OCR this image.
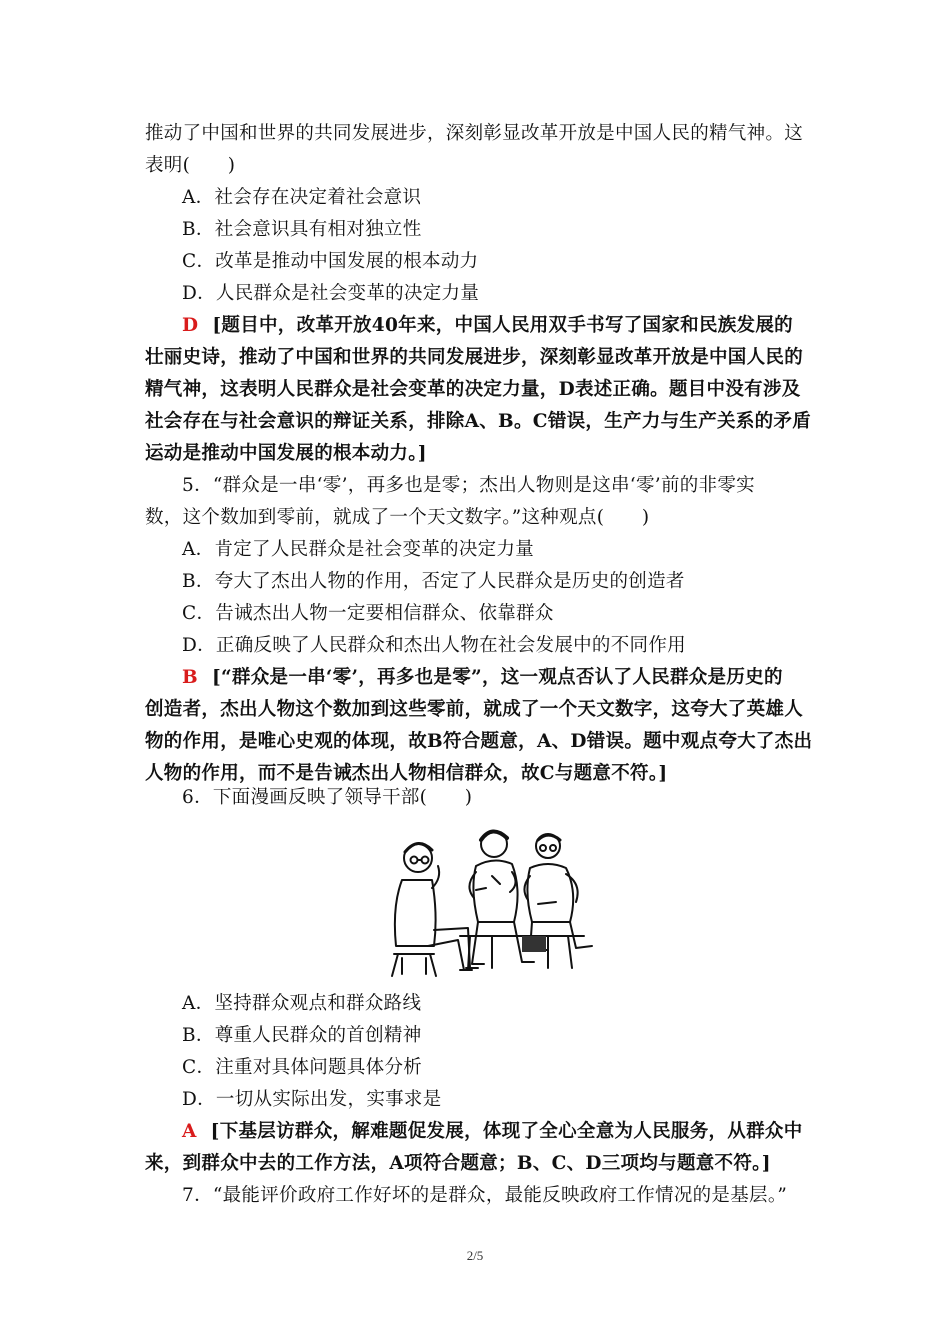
推动了中国和世界的共同发展进步，深刻彰显改革开放是中国人民的精气神。这
表明(　　)
A．社会存在决定着社会意识
B．社会意识具有相对独立性
C．改革是推动中国发展的根本动力
D．人民群众是社会变革的决定力量
D [题目中，改革开放40年来，中国人民用双手书写了国家和民族发展的
壮丽史诗，推动了中国和世界的共同发展进步，深刻彰显改革开放是中国人民的
精气神，这表明人民群众是社会变革的决定力量，D表述正确。题目中没有涉及
社会存在与社会意识的辩证关系，排除A、B。C错误，生产力与生产关系的矛盾
运动是推动中国发展的根本动力。]
5．“群众是一串‘零’，再多也是零；杰出人物则是这串‘零’前的非零实
数，这个数加到零前，就成了一个天文数字。”这种观点(　　)
A．肯定了人民群众是社会变革的决定力量
B．夸大了杰出人物的作用，否定了人民群众是历史的创造者
C．告诫杰出人物一定要相信群众、依靠群众
D．正确反映了人民群众和杰出人物在社会发展中的不同作用
B [“群众是一串‘零’，再多也是零”，这一观点否认了人民群众是历史的
创造者，杰出人物这个数加到这些零前，就成了一个天文数字，这夸大了英雄人
物的作用，是唯心史观的体现，故B符合题意，A、D错误。题中观点夸大了杰出
人物的作用，而不是告诫杰出人物相信群众，故C与题意不符。]
6．下面漫画反映了领导干部(　　)
A．坚持群众观点和群众路线
B．尊重人民群众的首创精神
C．注重对具体问题具体分析
D．一切从实际出发，实事求是
A [下基层访群众，解难题促发展，体现了全心全意为人民服务，从群众中
来，到群众中去的工作方法，A项符合题意；B、C、D三项均与题意不符。]
7．“最能评价政府工作好坏的是群众，最能反映政府工作情况的是基层。”
2/5
